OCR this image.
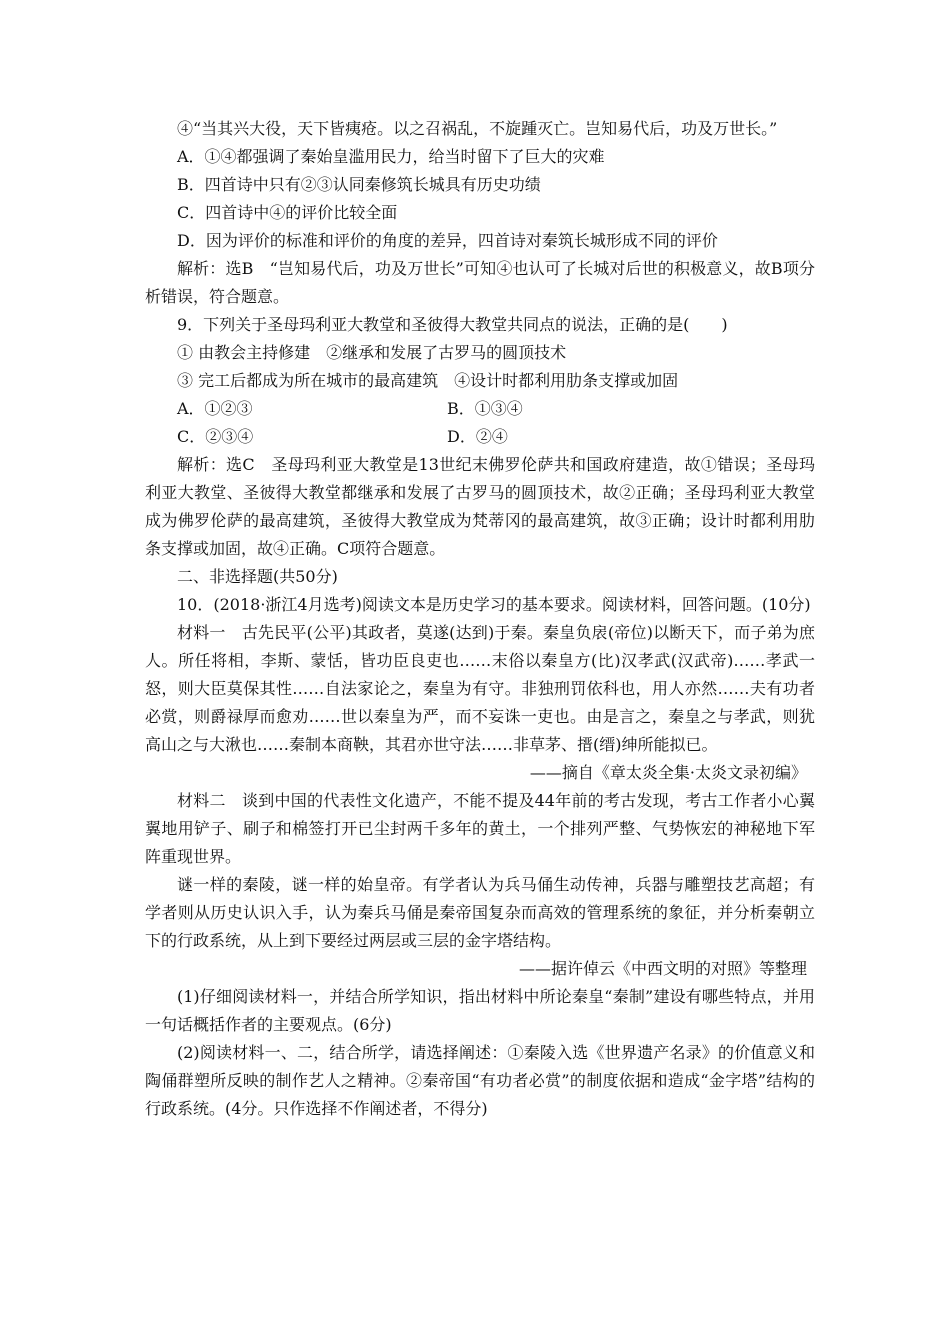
④“当其兴大役，天下皆痍疮。以之召祸乱，不旋踵灭亡。岂知易代后，功及万世长。”

A．①④都强调了秦始皇滥用民力，给当时留下了巨大的灾难

B．四首诗中只有②③认同秦修筑长城具有历史功绩

C．四首诗中④的评价比较全面

D．因为评价的标准和评价的角度的差异，四首诗对秦筑长城形成不同的评价

解析：选B　“岂知易代后，功及万世长”可知④也认可了长城对后世的积极意义，故B项分析错误，符合题意。

9．下列关于圣母玛利亚大教堂和圣彼得大教堂共同点的说法，正确的是(　　)

① 由教会主持修建　②继承和发展了古罗马的圆顶技术

③ 完工后都成为所在城市的最高建筑　④设计时都利用肋条支撑或加固

A．①②③	B．①③④
C．②③④	D．②④

解析：选C　圣母玛利亚大教堂是13世纪末佛罗伦萨共和国政府建造，故①错误；圣母玛利亚大教堂、圣彼得大教堂都继承和发展了古罗马的圆顶技术，故②正确；圣母玛利亚大教堂成为佛罗伦萨的最高建筑，圣彼得大教堂成为梵蒂冈的最高建筑，故③正确；设计时都利用肋条支撑或加固，故④正确。C项符合题意。

二、非选择题(共50分)

10．(2018·浙江4月选考)阅读文本是历史学习的基本要求。阅读材料，回答问题。(10分)

材料一　古先民平(公平)其政者，莫遂(达到)于秦。秦皇负扆(帝位)以断天下，而子弟为庶人。所任将相，李斯、蒙恬，皆功臣良吏也……末俗以秦皇方(比)汉孝武(汉武帝)……孝武一怒，则大臣莫保其性……自法家论之，秦皇为有守。非独刑罚依科也，用人亦然……夫有功者必赏，则爵禄厚而愈劝……世以秦皇为严，而不妄诛一吏也。由是言之，秦皇之与孝武，则犹高山之与大湫也……秦制本商鞅，其君亦世守法……非草茅、搢(缙)绅所能拟已。

——摘自《章太炎全集·太炎文录初编》

材料二　谈到中国的代表性文化遗产，不能不提及44年前的考古发现，考古工作者小心翼翼地用铲子、刷子和棉签打开已尘封两千多年的黄土，一个排列严整、气势恢宏的神秘地下军阵重现世界。

谜一样的秦陵，谜一样的始皇帝。有学者认为兵马俑生动传神，兵器与雕塑技艺高超；有学者则从历史认识入手，认为秦兵马俑是秦帝国复杂而高效的管理系统的象征，并分析秦朝立下的行政系统，从上到下要经过两层或三层的金字塔结构。

——据许倬云《中西文明的对照》等整理

(1)仔细阅读材料一，并结合所学知识，指出材料中所论秦皇“秦制”建设有哪些特点，并用一句话概括作者的主要观点。(6分)

(2)阅读材料一、二，结合所学，请选择阐述：①秦陵入选《世界遗产名录》的价值意义和陶俑群塑所反映的制作艺人之精神。②秦帝国“有功者必赏”的制度依据和造成“金字塔”结构的行政系统。(4分。只作选择不作阐述者，不得分)
